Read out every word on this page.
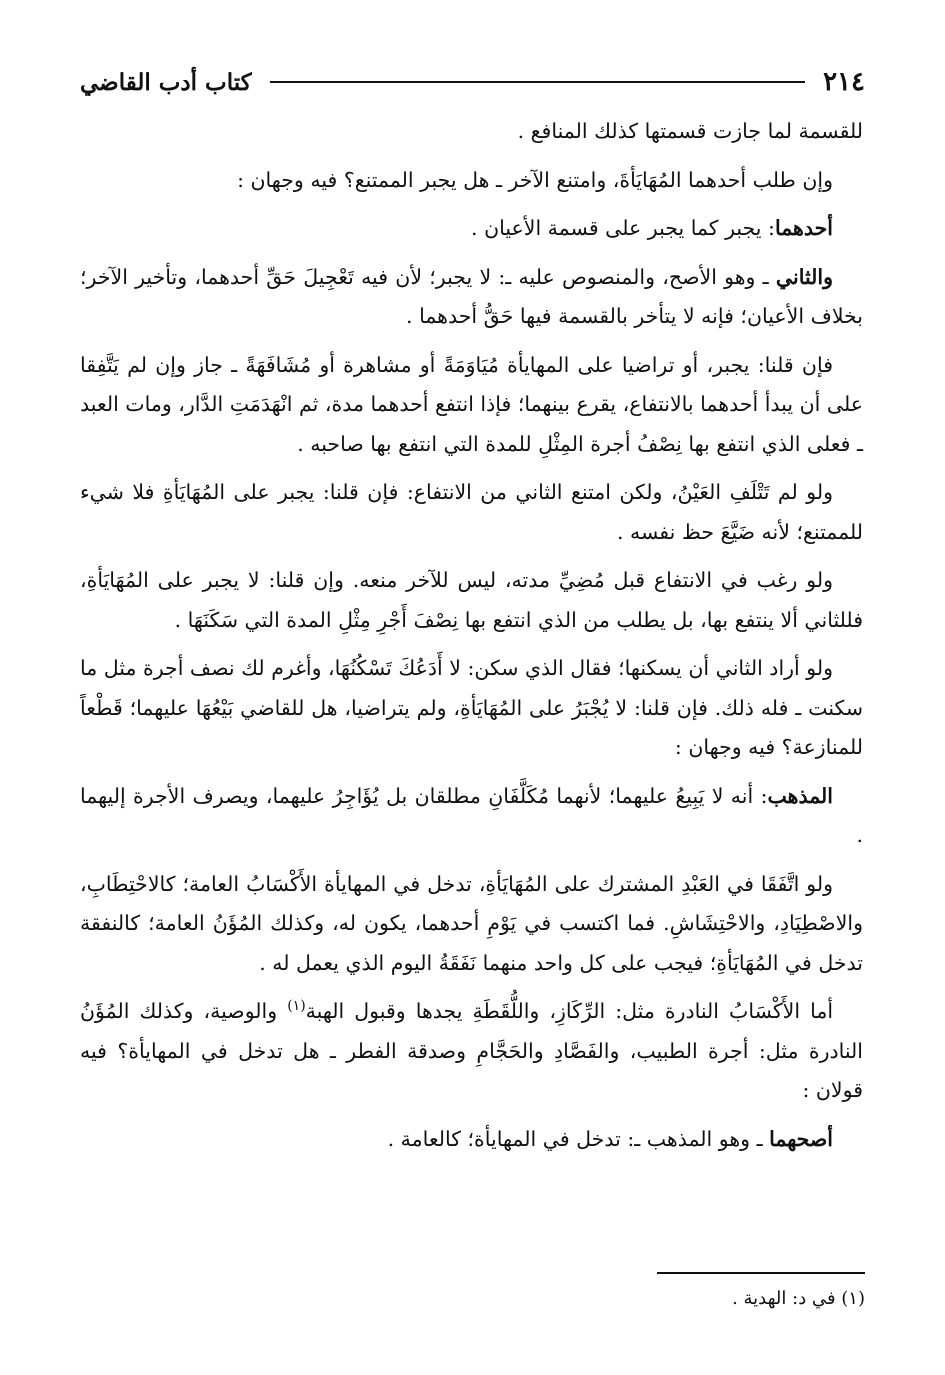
٢١٤
كتاب أدب القاضي

للقسمة لما جازت قسمتها كذلك المنافع .

وإن طلب أحدهما المُهَايَأةَ، وامتنع الآخر ـ هل يجبر الممتنع؟ فيه وجهان :

أحدهما: يجبر كما يجبر على قسمة الأعيان .

والثاني ـ وهو الأصح، والمنصوص عليه ـ: لا يجبر؛ لأن فيه تَعْجِيلَ حَقِّ أحدهما، وتأخير الآخر؛ بخلاف الأعيان؛ فإنه لا يتأخر بالقسمة فيها حَقُّ أحدهما .

فإن قلنا: يجبر، أو تراضيا على المهايأة مُيَاوَمَةً أو مشاهرة أو مُشَافَهَةً ـ جاز وإن لم يَتَّفِقا على أن يبدأ أحدهما بالانتفاع، يقرع بينهما؛ فإذا انتفع أحدهما مدة، ثم انْهَدَمَتِ الدَّار، ومات العبد ـ فعلى الذي انتفع بها نِصْفُ أجرة المِثْلِ للمدة التي انتفع بها صاحبه .

ولو لم تَتْلَفِ العَيْنُ، ولكن امتنع الثاني من الانتفاع: فإن قلنا: يجبر على المُهَايَأةِ فلا شيء للممتنع؛ لأنه ضَيَّعَ حظ نفسه .

ولو رغب في الانتفاع قبل مُضِيِّ مدته، ليس للآخر منعه. وإن قلنا: لا يجبر على المُهَايَأةِ، فللثاني ألا ينتفع بها، بل يطلب من الذي انتفع بها نِصْفَ أَجْرِ مِثْلِ المدة التي سَكَنَهَا .

ولو أراد الثاني أن يسكنها؛ فقال الذي سكن: لا أَدَعُكَ تَسْكُنُهَا، وأغرم لك نصف أجرة مثل ما سكنت ـ فله ذلك. فإن قلنا: لا يُجْبَرُ على المُهَايَأةِ، ولم يتراضيا، هل للقاضي بَيْعُهَا عليهما؛ قَطْعاً للمنازعة؟ فيه وجهان :

المذهب: أنه لا يَبِيعُ عليهما؛ لأنهما مُكَلَّفَانِ مطلقان بل يُؤَاجِرُ عليهما، ويصرف الأجرة إليهما .

ولو اتَّفَقَا في العَبْدِ المشترك على المُهَايَأةِ، تدخل في المهايأة الأَكْسَابُ العامة؛ كالاحْتِطَابِ، والاصْطِيَادِ، والاحْتِشَاشِ. فما اكتسب في يَوْمِ أحدهما، يكون له، وكذلك المُؤَنُ العامة؛ كالنفقة تدخل في المُهَايَأةِ؛ فيجب على كل واحد منهما نَفَقَةُ اليوم الذي يعمل له .

أما الأَكْسَابُ النادرة مثل: الرِّكَازِ، واللُّقَطَةِ يجدها وقبول الهبة$^{(١)}$ والوصية، وكذلك المُؤَنُ النادرة مثل: أجرة الطبيب، والفَصَّادِ والحَجَّامِ وصدقة الفطر ـ هل تدخل في المهايأة؟ فيه قولان :

أصحهما ـ وهو المذهب ـ: تدخل في المهايأة؛ كالعامة .

(١) في د: الهدية .
